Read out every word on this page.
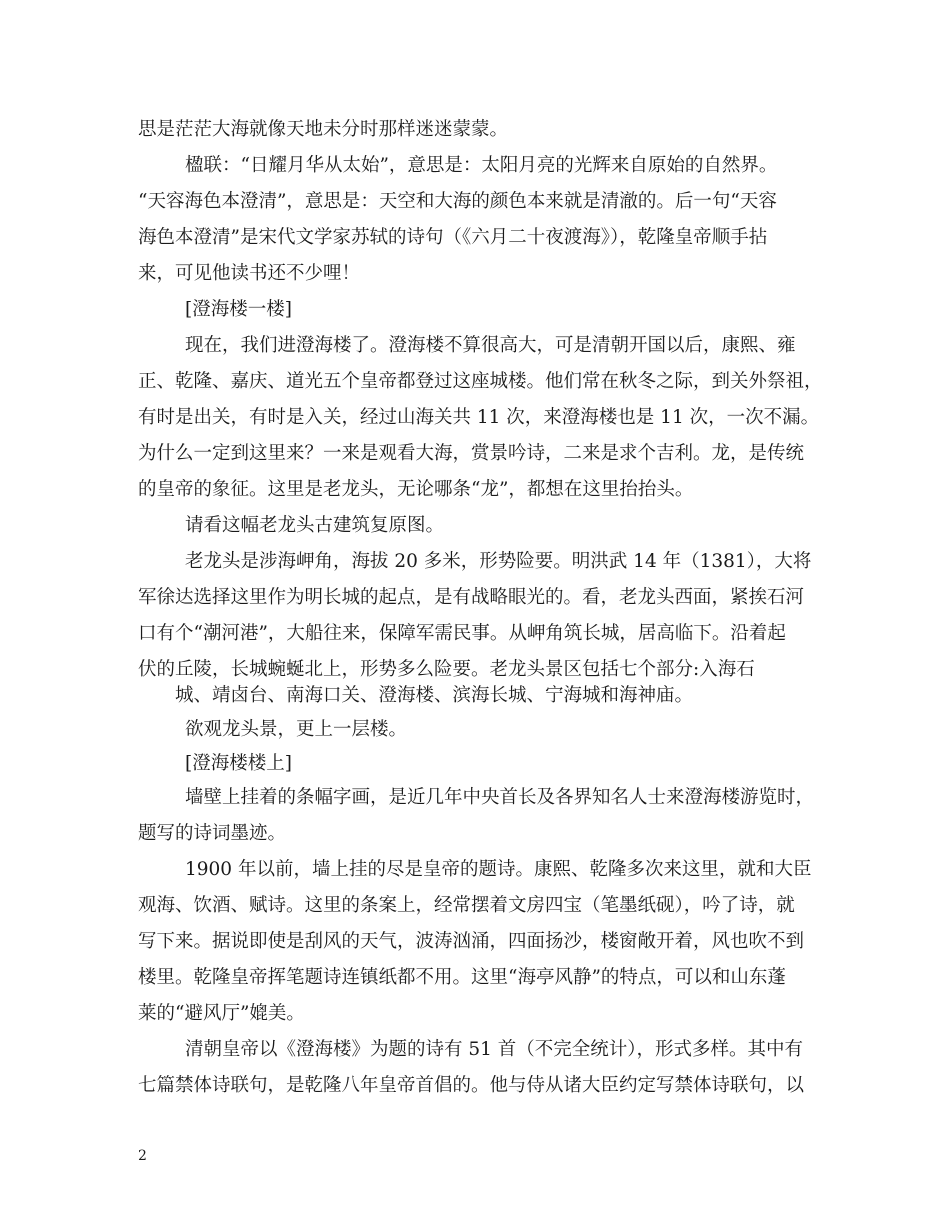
思是茫茫大海就像天地未分时那样迷迷蒙蒙。
楹联：“日耀月华从太始”，意思是：太阳月亮的光辉来自原始的自然界。
“天容海色本澄清”，意思是：天空和大海的颜色本来就是清澈的。后一句“天容
海色本澄清”是宋代文学家苏轼的诗句（《六月二十夜渡海》），乾隆皇帝顺手拈
来，可见他读书还不少哩！
[澄海楼一楼]
现在，我们进澄海楼了。澄海楼不算很高大，可是清朝开国以后，康熙、雍
正、乾隆、嘉庆、道光五个皇帝都登过这座城楼。他们常在秋冬之际，到关外祭祖，
有时是出关，有时是入关，经过山海关共 11 次，来澄海楼也是 11 次，一次不漏。
为什么一定到这里来？一来是观看大海，赏景吟诗，二来是求个吉利。龙，是传统
的皇帝的象征。这里是老龙头，无论哪条“龙”，都想在这里抬抬头。
请看这幅老龙头古建筑复原图。
老龙头是涉海岬角，海拔 20 多米，形势险要。明洪武 14 年（1381），大将
军徐达选择这里作为明长城的起点，是有战略眼光的。看，老龙头西面，紧挨石河
口有个“潮河港”，大船往来，保障军需民事。从岬角筑长城，居高临下。沿着起
伏的丘陵，长城蜿蜒北上，形势多么险要。老龙头景区包括七个部分:入海石
城、靖卤台、南海口关、澄海楼、滨海长城、宁海城和海神庙。
欲观龙头景，更上一层楼。
[澄海楼楼上]
墙壁上挂着的条幅字画，是近几年中央首长及各界知名人士来澄海楼游览时，
题写的诗词墨迹。
1900 年以前，墙上挂的尽是皇帝的题诗。康熙、乾隆多次来这里，就和大臣
观海、饮酒、赋诗。这里的条案上，经常摆着文房四宝（笔墨纸砚），吟了诗，就
写下来。据说即使是刮风的天气，波涛汹涌，四面扬沙，楼窗敞开着，风也吹不到
楼里。乾隆皇帝挥笔题诗连镇纸都不用。这里“海亭风静”的特点，可以和山东蓬
莱的“避风厅”媲美。
清朝皇帝以《澄海楼》为题的诗有 51 首（不完全统计），形式多样。其中有
七篇禁体诗联句，是乾隆八年皇帝首倡的。他与侍从诸大臣约定写禁体诗联句，以
2
